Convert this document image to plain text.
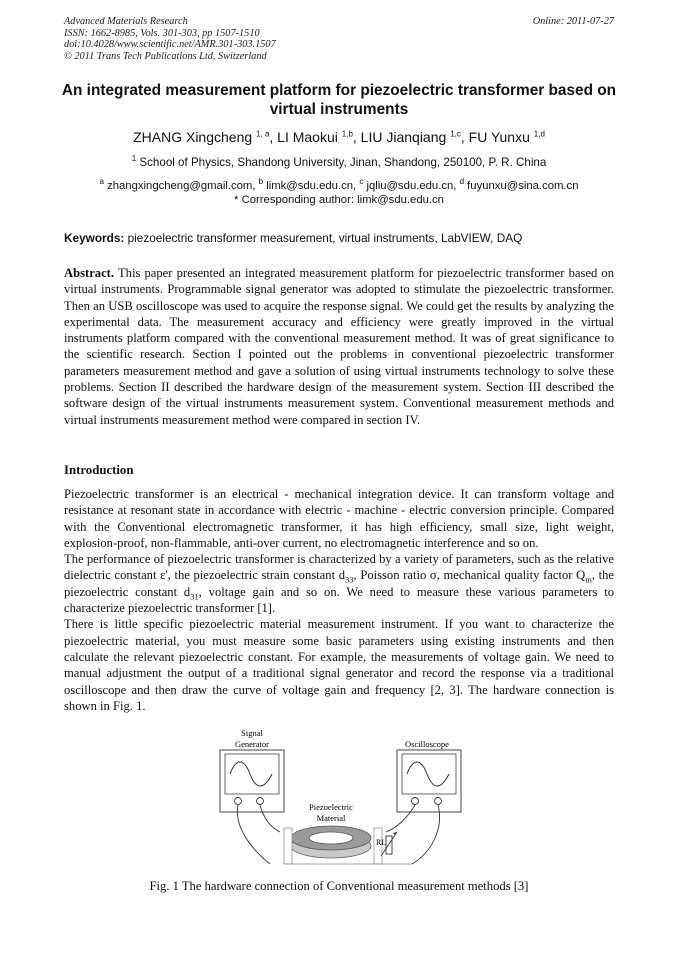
Advanced Materials Research
ISSN: 1662-8985, Vols. 301-303, pp 1507-1510
doi:10.4028/www.scientific.net/AMR.301-303.1507
© 2011 Trans Tech Publications Ltd, Switzerland
Online: 2011-07-27
An integrated measurement platform for piezoelectric transformer based on virtual instruments
ZHANG Xingcheng $^{1, a}$, LI Maokui $^{1,b}$, LIU Jianqiang $^{1,c}$, FU Yunxu $^{1,d}$
$^1$ School of Physics, Shandong University, Jinan, Shandong, 250100, P. R. China
$^a$ zhangxingcheng@gmail.com, $^b$ limk@sdu.edu.cn, $^c$ jqliu@sdu.edu.cn, $^d$ fuyunxu@sina.com.cn
* Corresponding author: limk@sdu.edu.cn
Keywords: piezoelectric transformer measurement, virtual instruments, LabVIEW, DAQ
Abstract. This paper presented an integrated measurement platform for piezoelectric transformer based on virtual instruments. Programmable signal generator was adopted to stimulate the piezoelectric transformer. Then an USB oscilloscope was used to acquire the response signal. We could get the results by analyzing the experimental data. The measurement accuracy and efficiency were greatly improved in the virtual instruments platform compared with the conventional measurement method. It was of great significance to the scientific research. Section I pointed out the problems in conventional piezoelectric transformer parameters measurement method and gave a solution of using virtual instruments technology to solve these problems. Section II described the hardware design of the measurement system. Section III described the software design of the virtual instruments measurement system. Conventional measurement methods and virtual instruments measurement method were compared in section IV.
Introduction

Piezoelectric transformer is an electrical - mechanical integration device. It can transform voltage and resistance at resonant state in accordance with electric - machine - electric conversion principle. Compared with the Conventional electromagnetic transformer, it has high efficiency, small size, light weight, explosion-proof, non-flammable, anti-over current, no electromagnetic interference and so on.

The performance of piezoelectric transformer is characterized by a variety of parameters, such as the relative dielectric constant ε', the piezoelectric strain constant $d_{33}$, Poisson ratio σ, mechanical quality factor $Q_m$, the piezoelectric constant $d_{31}$, voltage gain and so on. We need to measure these various parameters to characterize piezoelectric transformer [1].

There is little specific piezoelectric material measurement instrument. If you want to characterize the piezoelectric material, you must measure some basic parameters using existing instruments and then calculate the relevant piezoelectric constant. For example, the measurements of voltage gain. We need to manual adjustment the output of a traditional signal generator and record the response via a traditional oscilloscope and then draw the curve of voltage gain and frequency [2, 3]. The hardware connection is shown in Fig. 1.

Signal
Generator	Oscilloscope
Piezoelectric
Material
RL
Fig. 1 The hardware connection of Conventional measurement methods [3]
